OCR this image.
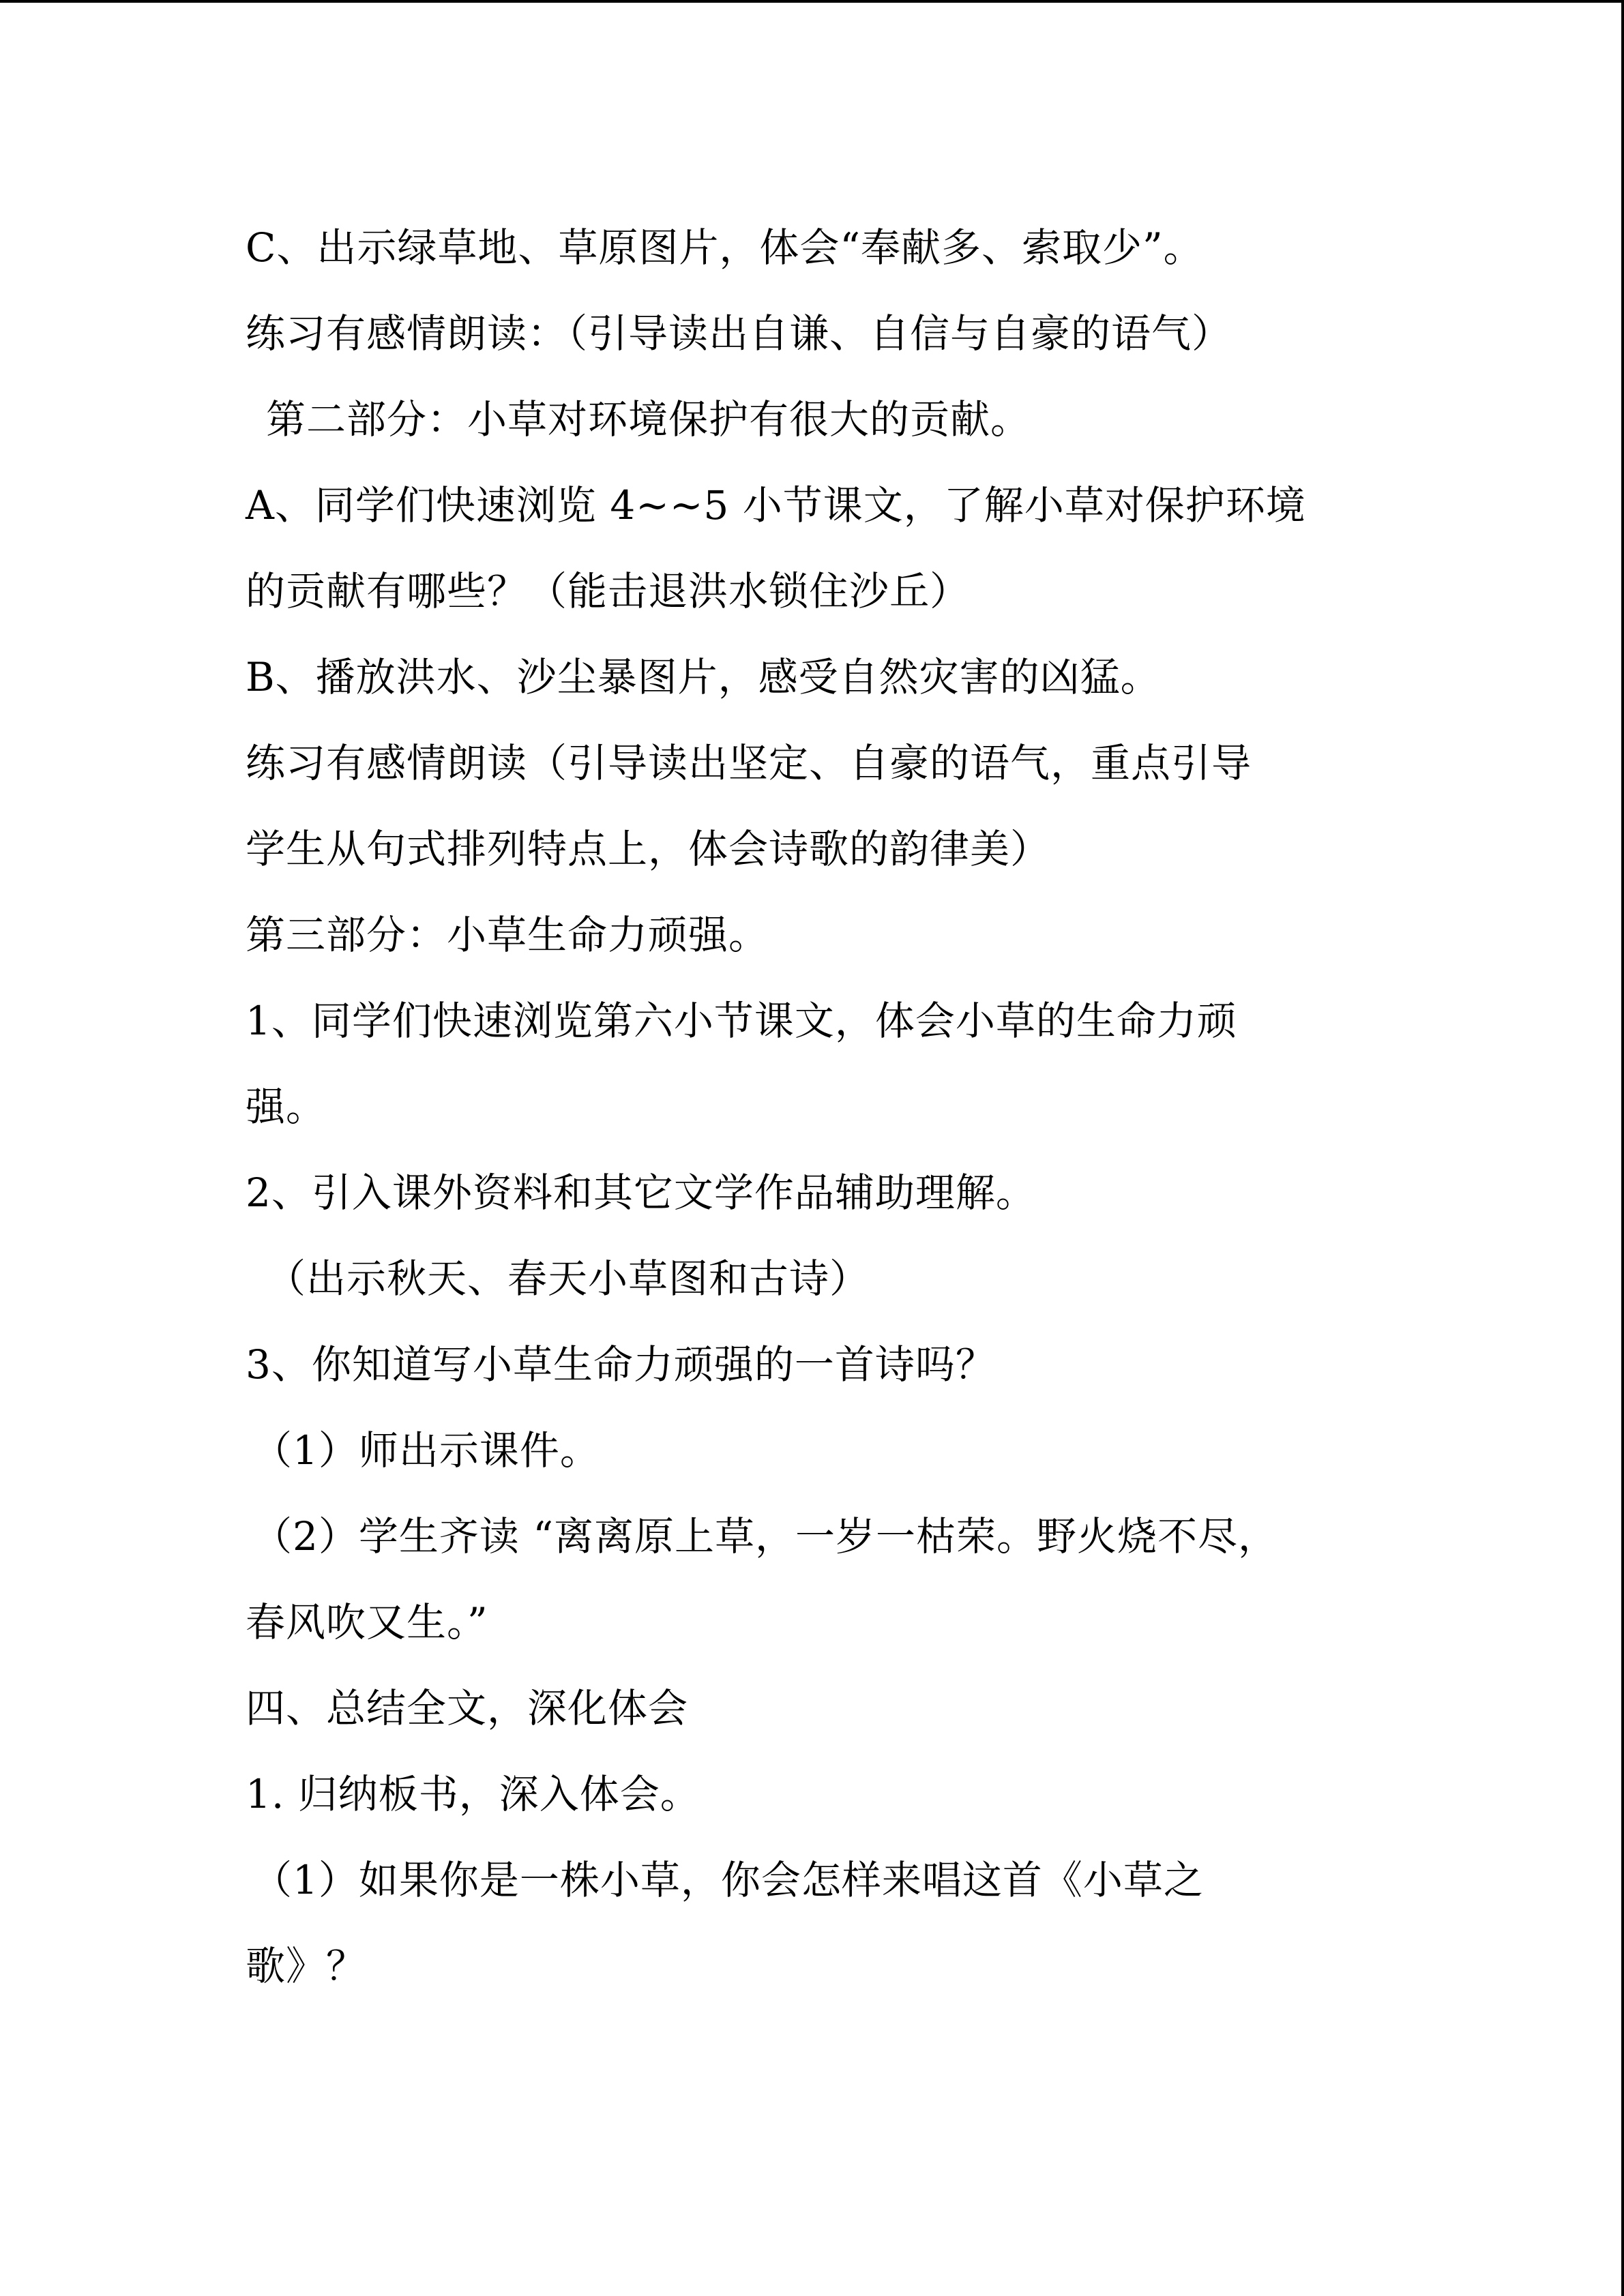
C、出示绿草地、草原图片，体会“奉献多、索取少”。
练习有感情朗读：（引导读出自谦、自信与自豪的语气）
第二部分：小草对环境保护有很大的贡献。
A、同学们快速浏览 4~~5 小节课文，了解小草对保护环境
的贡献有哪些？（能击退洪水锁住沙丘）
B、播放洪水、沙尘暴图片，感受自然灾害的凶猛。
练习有感情朗读（引导读出坚定、自豪的语气，重点引导
学生从句式排列特点上，体会诗歌的韵律美）
第三部分：小草生命力顽强。
1、同学们快速浏览第六小节课文，体会小草的生命力顽
强。
2、引入课外资料和其它文学作品辅助理解。
（出示秋天、春天小草图和古诗）
3、你知道写小草生命力顽强的一首诗吗？
（1）师出示课件。
（2）学生齐读 “离离原上草，一岁一枯荣。野火烧不尽，
春风吹又生。”
四、总结全文，深化体会
1. 归纳板书，深入体会。
（1）如果你是一株小草，你会怎样来唱这首《小草之
歌》？
